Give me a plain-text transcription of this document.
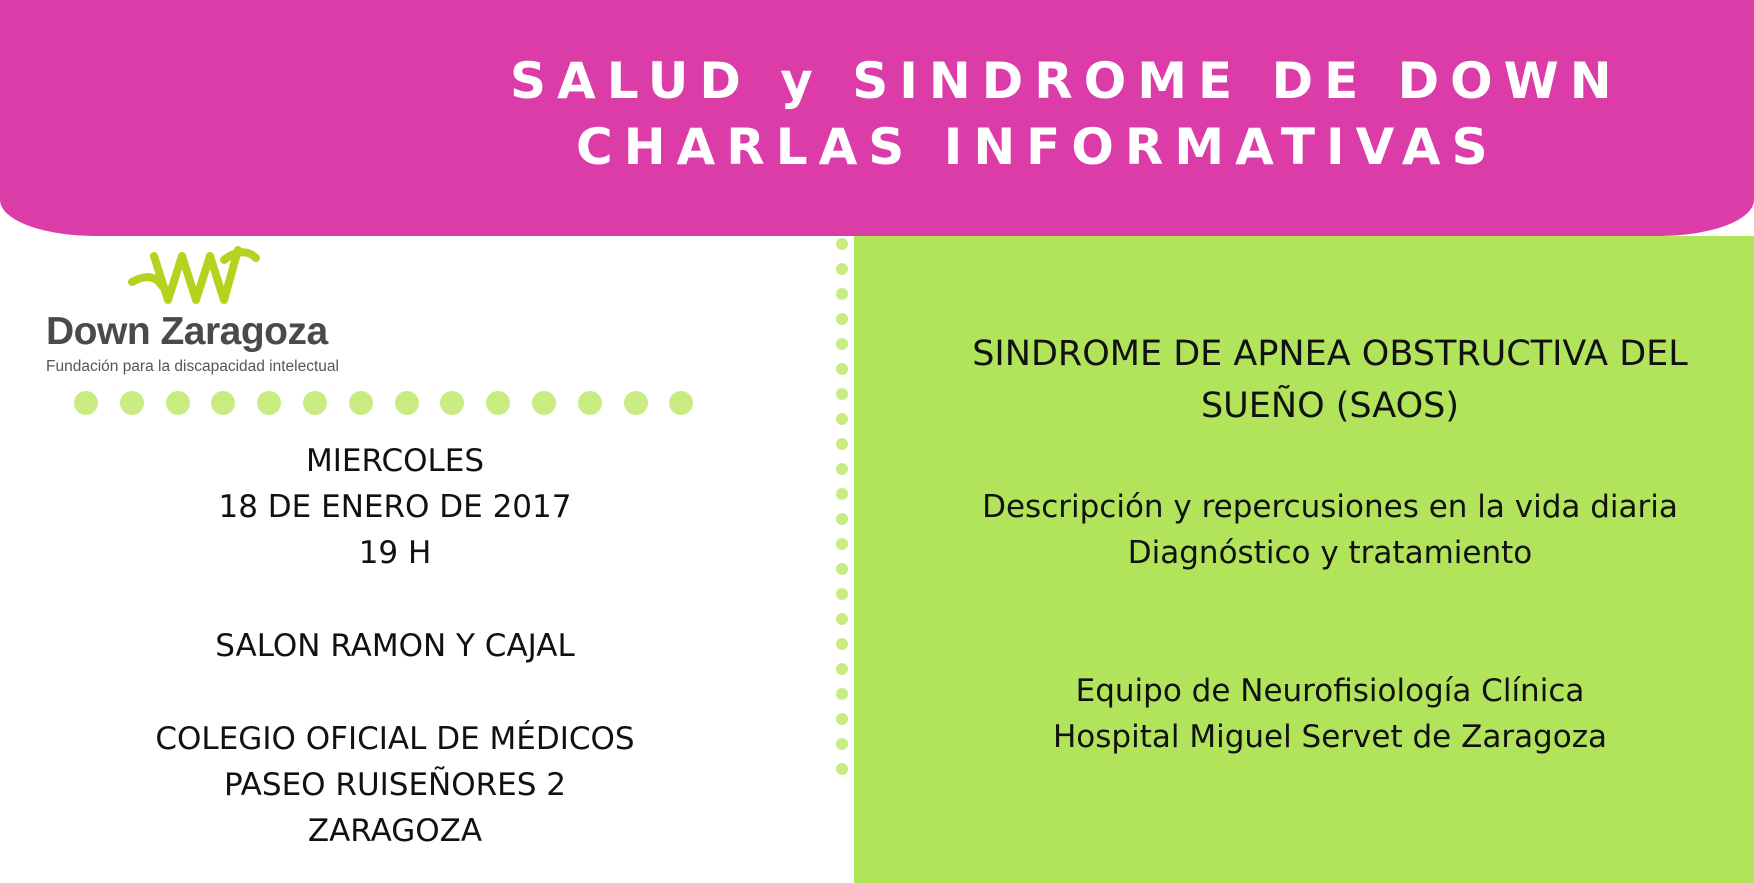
SALUD y SINDROME DE DOWN
CHARLAS INFORMATIVAS
Down Zaragoza
Fundación para la discapacidad intelectual
MIERCOLES
18 DE ENERO DE 2017
19 H
SALON RAMON Y CAJAL
COLEGIO OFICIAL DE MÉDICOS
PASEO RUISEÑORES 2
ZARAGOZA
SINDROME DE APNEA OBSTRUCTIVA DEL
SUEÑO (SAOS)
Descripción y repercusiones en la vida diaria
Diagnóstico y tratamiento
Equipo de Neurofisiología Clínica
Hospital Miguel Servet de Zaragoza
